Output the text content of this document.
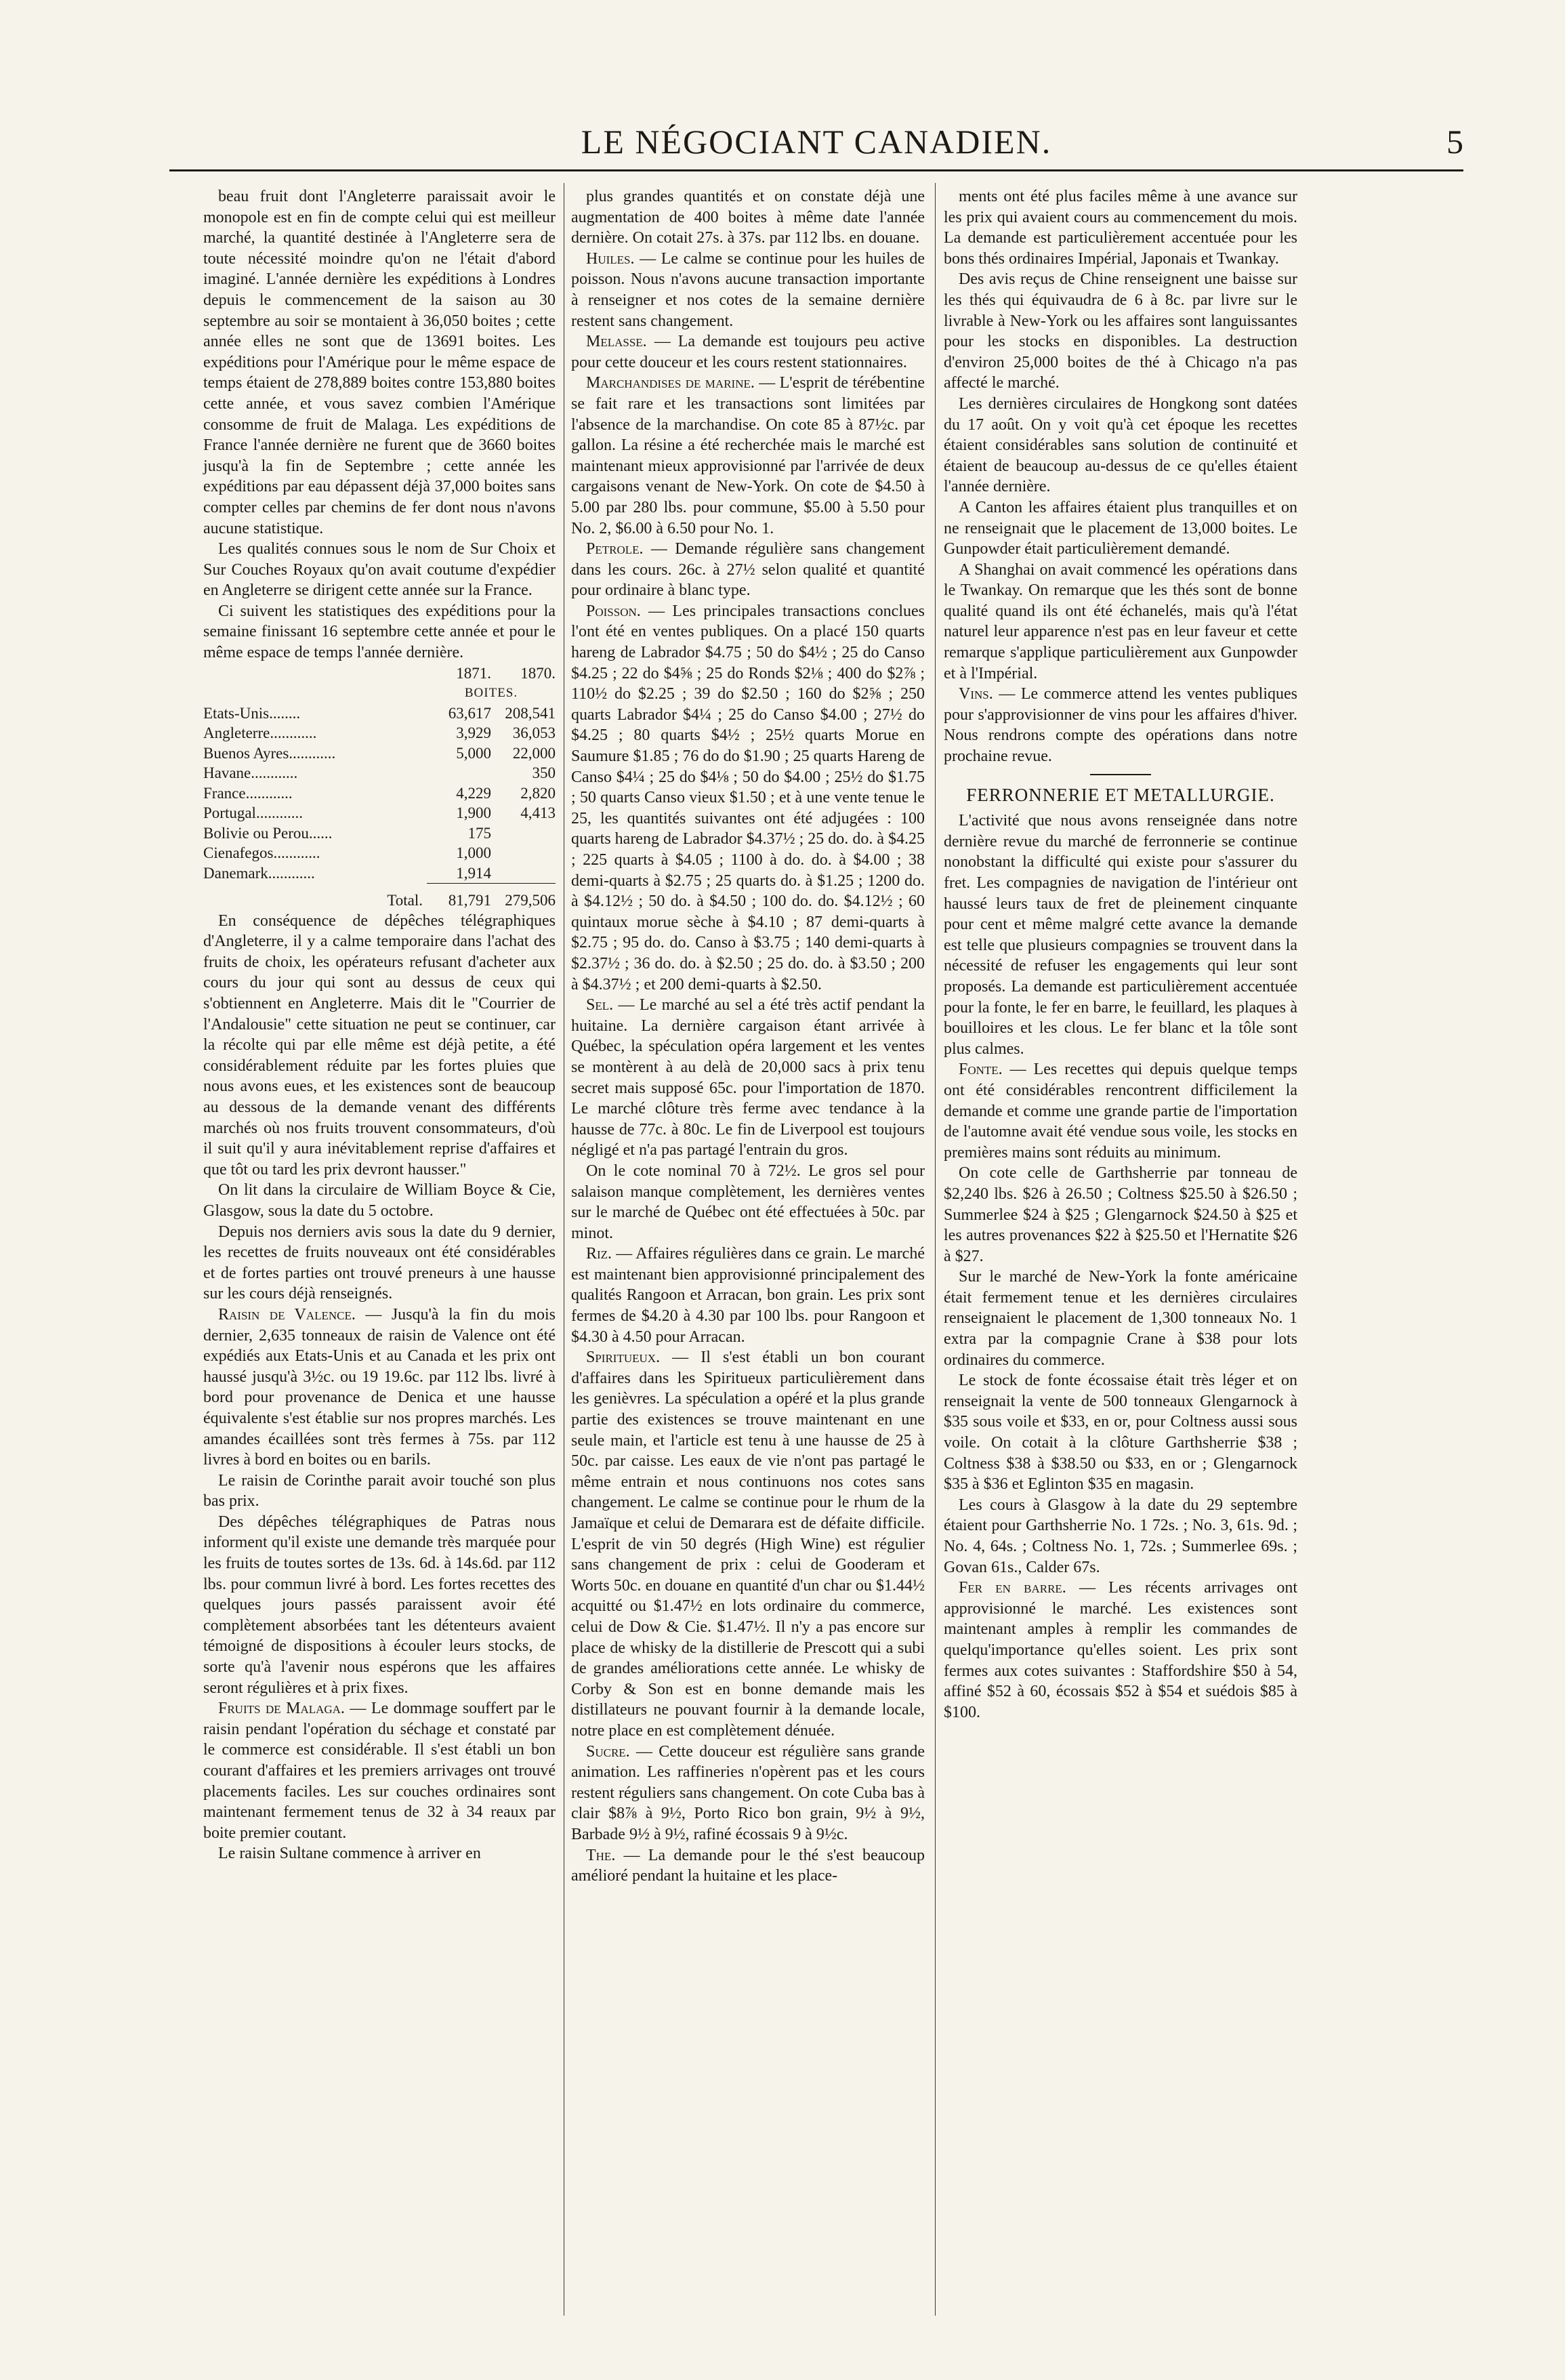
LE NÉGOCIANT CANADIEN.	5

beau fruit dont l'Angleterre paraissait avoir le monopole est en fin de compte celui qui est meilleur marché, la quantité destinée à l'Angleterre sera de toute nécessité moindre qu'on ne l'était d'abord imaginé. L'année dernière les expéditions à Londres depuis le commencement de la saison au 30 septembre au soir se montaient à 36,050 boites ; cette année elles ne sont que de 13691 boites. Les expéditions pour l'Amérique pour le même espace de temps étaient de 278,889 boites contre 153,880 boites cette année, et vous savez combien l'Amérique consomme de fruit de Malaga. Les expéditions de France l'année dernière ne furent que de 3660 boites jusqu'à la fin de Septembre ; cette année les expéditions par eau dépassent déjà 37,000 boites sans compter celles par chemins de fer dont nous n'avons aucune statistique.

Les qualités connues sous le nom de Sur Choix et Sur Couches Royaux qu'on avait coutume d'expédier en Angleterre se dirigent cette année sur la France.

Ci suivent les statistiques des expéditions pour la semaine finissant 16 septembre cette année et pour le même espace de temps l'année dernière.

	1871.	1870.
	BOITES.	
Etats-Unis........	63,617	208,541
Angleterre............	3,929	36,053
Buenos Ayres............	5,000	22,000
Havane............		350
France............	4,229	2,820
Portugal............	1,900	4,413
Bolivie ou Perou......	175	
Cienafegos............	1,000	
Danemark............	1,914	
Total.	81,791	279,506

En conséquence de dépêches télégraphiques d'Angleterre, il y a calme temporaire dans l'achat des fruits de choix, les opérateurs refusant d'acheter aux cours du jour qui sont au dessus de ceux qui s'obtiennent en Angleterre. Mais dit le "Courrier de l'Andalousie" cette situation ne peut se continuer, car la récolte qui par elle même est déjà petite, a été considérablement réduite par les fortes pluies que nous avons eues, et les existences sont de beaucoup au dessous de la demande venant des différents marchés où nos fruits trouvent consommateurs, d'où il suit qu'il y aura inévitablement reprise d'affaires et que tôt ou tard les prix devront hausser."

On lit dans la circulaire de William Boyce & Cie, Glasgow, sous la date du 5 octobre.

Depuis nos derniers avis sous la date du 9 dernier, les recettes de fruits nouveaux ont été considérables et de fortes parties ont trouvé preneurs à une hausse sur les cours déjà renseignés.

Raisin de Valence. — Jusqu'à la fin du mois dernier, 2,635 tonneaux de raisin de Valence ont été expédiés aux Etats-Unis et au Canada et les prix ont haussé jusqu'à 3½c. ou 19 19.6c. par 112 lbs. livré à bord pour provenance de Denica et une hausse équivalente s'est établie sur nos propres marchés. Les amandes écaillées sont très fermes à 75s. par 112 livres à bord en boites ou en barils.

Le raisin de Corinthe parait avoir touché son plus bas prix.

Des dépêches télégraphiques de Patras nous informent qu'il existe une demande très marquée pour les fruits de toutes sortes de 13s. 6d. à 14s.6d. par 112 lbs. pour commun livré à bord. Les fortes recettes des quelques jours passés paraissent avoir été complètement absorbées tant les détenteurs avaient témoigné de dispositions à écouler leurs stocks, de sorte qu'à l'avenir nous espérons que les affaires seront régulières et à prix fixes.

Fruits de Malaga. — Le dommage souffert par le raisin pendant l'opération du séchage et constaté par le commerce est considérable. Il s'est établi un bon courant d'affaires et les premiers arrivages ont trouvé placements faciles. Les sur couches ordinaires sont maintenant fermement tenus de 32 à 34 reaux par boite premier coutant.

Le raisin Sultane commence à arriver en

plus grandes quantités et on constate déjà une augmentation de 400 boites à même date l'année dernière. On cotait 27s. à 37s. par 112 lbs. en douane.

Huiles. — Le calme se continue pour les huiles de poisson. Nous n'avons aucune transaction importante à renseigner et nos cotes de la semaine dernière restent sans changement.

Melasse. — La demande est toujours peu active pour cette douceur et les cours restent stationnaires.

Marchandises de marine. — L'esprit de térébentine se fait rare et les transactions sont limitées par l'absence de la marchandise. On cote 85 à 87½c. par gallon. La résine a été recherchée mais le marché est maintenant mieux approvisionné par l'arrivée de deux cargaisons venant de New-York. On cote de $4.50 à 5.00 par 280 lbs. pour commune, $5.00 à 5.50 pour No. 2, $6.00 à 6.50 pour No. 1.

Petrole. — Demande régulière sans changement dans les cours. 26c. à 27½ selon qualité et quantité pour ordinaire à blanc type.

Poisson. — Les principales transactions conclues l'ont été en ventes publiques. On a placé 150 quarts hareng de Labrador $4.75 ; 50 do $4½ ; 25 do Canso $4.25 ; 22 do $4⅝ ; 25 do Ronds $2⅛ ; 400 do $2⅞ ; 110½ do $2.25 ; 39 do $2.50 ; 160 do $2⅝ ; 250 quarts Labrador $4¼ ; 25 do Canso $4.00 ; 27½ do $4.25 ; 80 quarts $4½ ; 25½ quarts Morue en Saumure $1.85 ; 76 do do $1.90 ; 25 quarts Hareng de Canso $4¼ ; 25 do $4⅛ ; 50 do $4.00 ; 25½ do $1.75 ; 50 quarts Canso vieux $1.50 ; et à une vente tenue le 25, les quantités suivantes ont été adjugées : 100 quarts hareng de Labrador $4.37½ ; 25 do. do. à $4.25 ; 225 quarts à $4.05 ; 1100 à do. do. à $4.00 ; 38 demi-quarts à $2.75 ; 25 quarts do. à $1.25 ; 1200 do. à $4.12½ ; 50 do. à $4.50 ; 100 do. do. $4.12½ ; 60 quintaux morue sèche à $4.10 ; 87 demi-quarts à $2.75 ; 95 do. do. Canso à $3.75 ; 140 demi-quarts à $2.37½ ; 36 do. do. à $2.50 ; 25 do. do. à $3.50 ; 200 à $4.37½ ; et 200 demi-quarts à $2.50.

Sel. — Le marché au sel a été très actif pendant la huitaine. La dernière cargaison étant arrivée à Québec, la spéculation opéra largement et les ventes se montèrent à au delà de 20,000 sacs à prix tenu secret mais supposé 65c. pour l'importation de 1870. Le marché clôture très ferme avec tendance à la hausse de 77c. à 80c. Le fin de Liverpool est toujours négligé et n'a pas partagé l'entrain du gros.

On le cote nominal 70 à 72½. Le gros sel pour salaison manque complètement, les dernières ventes sur le marché de Québec ont été effectuées à 50c. par minot.

Riz. — Affaires régulières dans ce grain. Le marché est maintenant bien approvisionné principalement des qualités Rangoon et Arracan, bon grain. Les prix sont fermes de $4.20 à 4.30 par 100 lbs. pour Rangoon et $4.30 à 4.50 pour Arracan.

Spiritueux. — Il s'est établi un bon courant d'affaires dans les Spiritueux particulièrement dans les genièvres. La spéculation a opéré et la plus grande partie des existences se trouve maintenant en une seule main, et l'article est tenu à une hausse de 25 à 50c. par caisse. Les eaux de vie n'ont pas partagé le même entrain et nous continuons nos cotes sans changement. Le calme se continue pour le rhum de la Jamaïque et celui de Demarara est de défaite difficile. L'esprit de vin 50 degrés (High Wine) est régulier sans changement de prix : celui de Gooderam et Worts 50c. en douane en quantité d'un char ou $1.44½ acquitté ou $1.47½ en lots ordinaire du commerce, celui de Dow & Cie. $1.47½. Il n'y a pas encore sur place de whisky de la distillerie de Prescott qui a subi de grandes améliorations cette année. Le whisky de Corby & Son est en bonne demande mais les distillateurs ne pouvant fournir à la demande locale, notre place en est complètement dénuée.

Sucre. — Cette douceur est régulière sans grande animation. Les raffineries n'opèrent pas et les cours restent réguliers sans changement. On cote Cuba bas à clair $8⅞ à 9½, Porto Rico bon grain, 9½ à 9½, Barbade 9½ à 9½, rafiné écossais 9 à 9½c.

The. — La demande pour le thé s'est beaucoup amélioré pendant la huitaine et les place-

ments ont été plus faciles même à une avance sur les prix qui avaient cours au commencement du mois. La demande est particulièrement accentuée pour les bons thés ordinaires Impérial, Japonais et Twankay.

Des avis reçus de Chine renseignent une baisse sur les thés qui équivaudra de 6 à 8c. par livre sur le livrable à New-York ou les affaires sont languissantes pour les stocks en disponibles. La destruction d'environ 25,000 boites de thé à Chicago n'a pas affecté le marché.

Les dernières circulaires de Hongkong sont datées du 17 août. On y voit qu'à cet époque les recettes étaient considérables sans solution de continuité et étaient de beaucoup au-dessus de ce qu'elles étaient l'année dernière.

A Canton les affaires étaient plus tranquilles et on ne renseignait que le placement de 13,000 boites. Le Gunpowder était particulièrement demandé.

A Shanghai on avait commencé les opérations dans le Twankay. On remarque que les thés sont de bonne qualité quand ils ont été échanelés, mais qu'à l'état naturel leur apparence n'est pas en leur faveur et cette remarque s'applique particulièrement aux Gunpowder et à l'Impérial.

Vins. — Le commerce attend les ventes publiques pour s'approvisionner de vins pour les affaires d'hiver. Nous rendrons compte des opérations dans notre prochaine revue.

FERRONNERIE ET METALLURGIE.

L'activité que nous avons renseignée dans notre dernière revue du marché de ferronnerie se continue nonobstant la difficulté qui existe pour s'assurer du fret. Les compagnies de navigation de l'intérieur ont haussé leurs taux de fret de pleinement cinquante pour cent et même malgré cette avance la demande est telle que plusieurs compagnies se trouvent dans la nécessité de refuser les engagements qui leur sont proposés. La demande est particulièrement accentuée pour la fonte, le fer en barre, le feuillard, les plaques à bouilloires et les clous. Le fer blanc et la tôle sont plus calmes.

Fonte. — Les recettes qui depuis quelque temps ont été considérables rencontrent difficilement la demande et comme une grande partie de l'importation de l'automne avait été vendue sous voile, les stocks en premières mains sont réduits au minimum.

On cote celle de Garthsherrie par tonneau de $2,240 lbs. $26 à 26.50 ; Coltness $25.50 à $26.50 ; Summerlee $24 à $25 ; Glengarnock $24.50 à $25 et les autres provenances $22 à $25.50 et l'Hernatite $26 à $27.

Sur le marché de New-York la fonte américaine était fermement tenue et les dernières circulaires renseignaient le placement de 1,300 tonneaux No. 1 extra par la compagnie Crane à $38 pour lots ordinaires du commerce.

Le stock de fonte écossaise était très léger et on renseignait la vente de 500 tonneaux Glengarnock à $35 sous voile et $33, en or, pour Coltness aussi sous voile. On cotait à la clôture Garthsherrie $38 ; Coltness $38 à $38.50 ou $33, en or ; Glengarnock $35 à $36 et Eglinton $35 en magasin.

Les cours à Glasgow à la date du 29 septembre étaient pour Garthsherrie No. 1 72s. ; No. 3, 61s. 9d. ; No. 4, 64s. ; Coltness No. 1, 72s. ; Summerlee 69s. ; Govan 61s., Calder 67s.

Fer en barre. — Les récents arrivages ont approvisionné le marché. Les existences sont maintenant amples à remplir les commandes de quelqu'importance qu'elles soient. Les prix sont fermes aux cotes suivantes : Staffordshire $50 à 54, affiné $52 à 60, écossais $52 à $54 et suédois $85 à $100.
